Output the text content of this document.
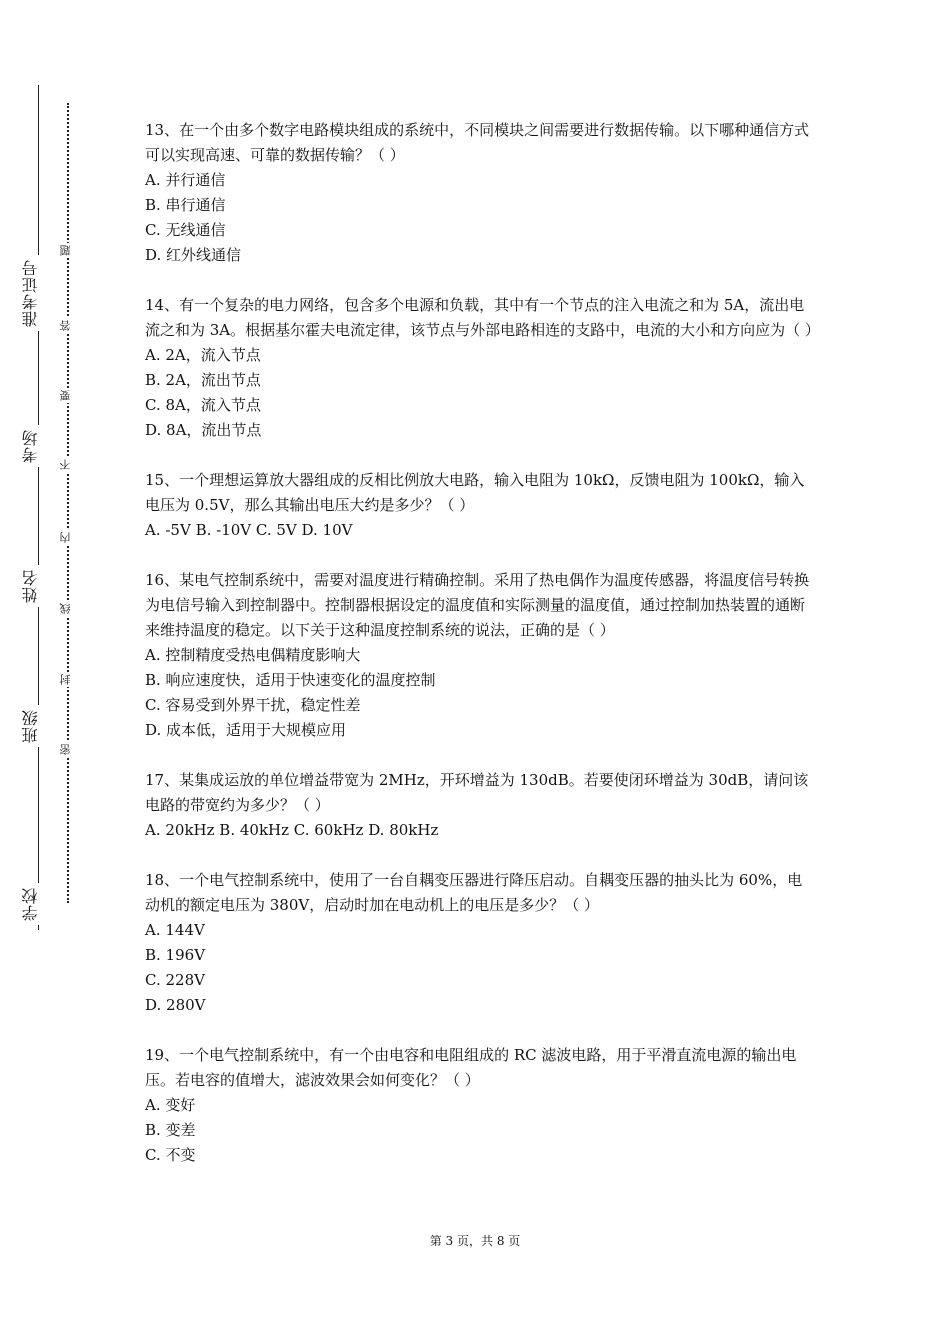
准考证号
考场
姓名
班级
学校
题
答
要
不
内
线
封
密
13、在一个由多个数字电路模块组成的系统中，不同模块之间需要进行数据传输。以下哪种通信方式可以实现高速、可靠的数据传输？（ ）
A. 并行通信
B. 串行通信
C. 无线通信
D. 红外线通信
14、有一个复杂的电力网络，包含多个电源和负载，其中有一个节点的注入电流之和为 5A，流出电流之和为 3A。根据基尔霍夫电流定律，该节点与外部电路相连的支路中，电流的大小和方向应为（ ）
A. 2A，流入节点
B. 2A，流出节点
C. 8A，流入节点
D. 8A，流出节点
15、一个理想运算放大器组成的反相比例放大电路，输入电阻为 10kΩ，反馈电阻为 100kΩ，输入电压为 0.5V，那么其输出电压大约是多少？（ ）
A. -5V B. -10V C. 5V D. 10V
16、某电气控制系统中，需要对温度进行精确控制。采用了热电偶作为温度传感器，将温度信号转换为电信号输入到控制器中。控制器根据设定的温度值和实际测量的温度值，通过控制加热装置的通断来维持温度的稳定。以下关于这种温度控制系统的说法，正确的是（ ）
A. 控制精度受热电偶精度影响大
B. 响应速度快，适用于快速变化的温度控制
C. 容易受到外界干扰，稳定性差
D. 成本低，适用于大规模应用
17、某集成运放的单位增益带宽为 2MHz，开环增益为 130dB。若要使闭环增益为 30dB，请问该电路的带宽约为多少？（ ）
A. 20kHz B. 40kHz C. 60kHz D. 80kHz
18、一个电气控制系统中，使用了一台自耦变压器进行降压启动。自耦变压器的抽头比为 60%，电动机的额定电压为 380V，启动时加在电动机上的电压是多少？（ ）
A. 144V
B. 196V
C. 228V
D. 280V
19、一个电气控制系统中，有一个由电容和电阻组成的 RC 滤波电路，用于平滑直流电源的输出电压。若电容的值增大，滤波效果会如何变化？（ ）
A. 变好
B. 变差
C. 不变
第 3 页，共 8 页
